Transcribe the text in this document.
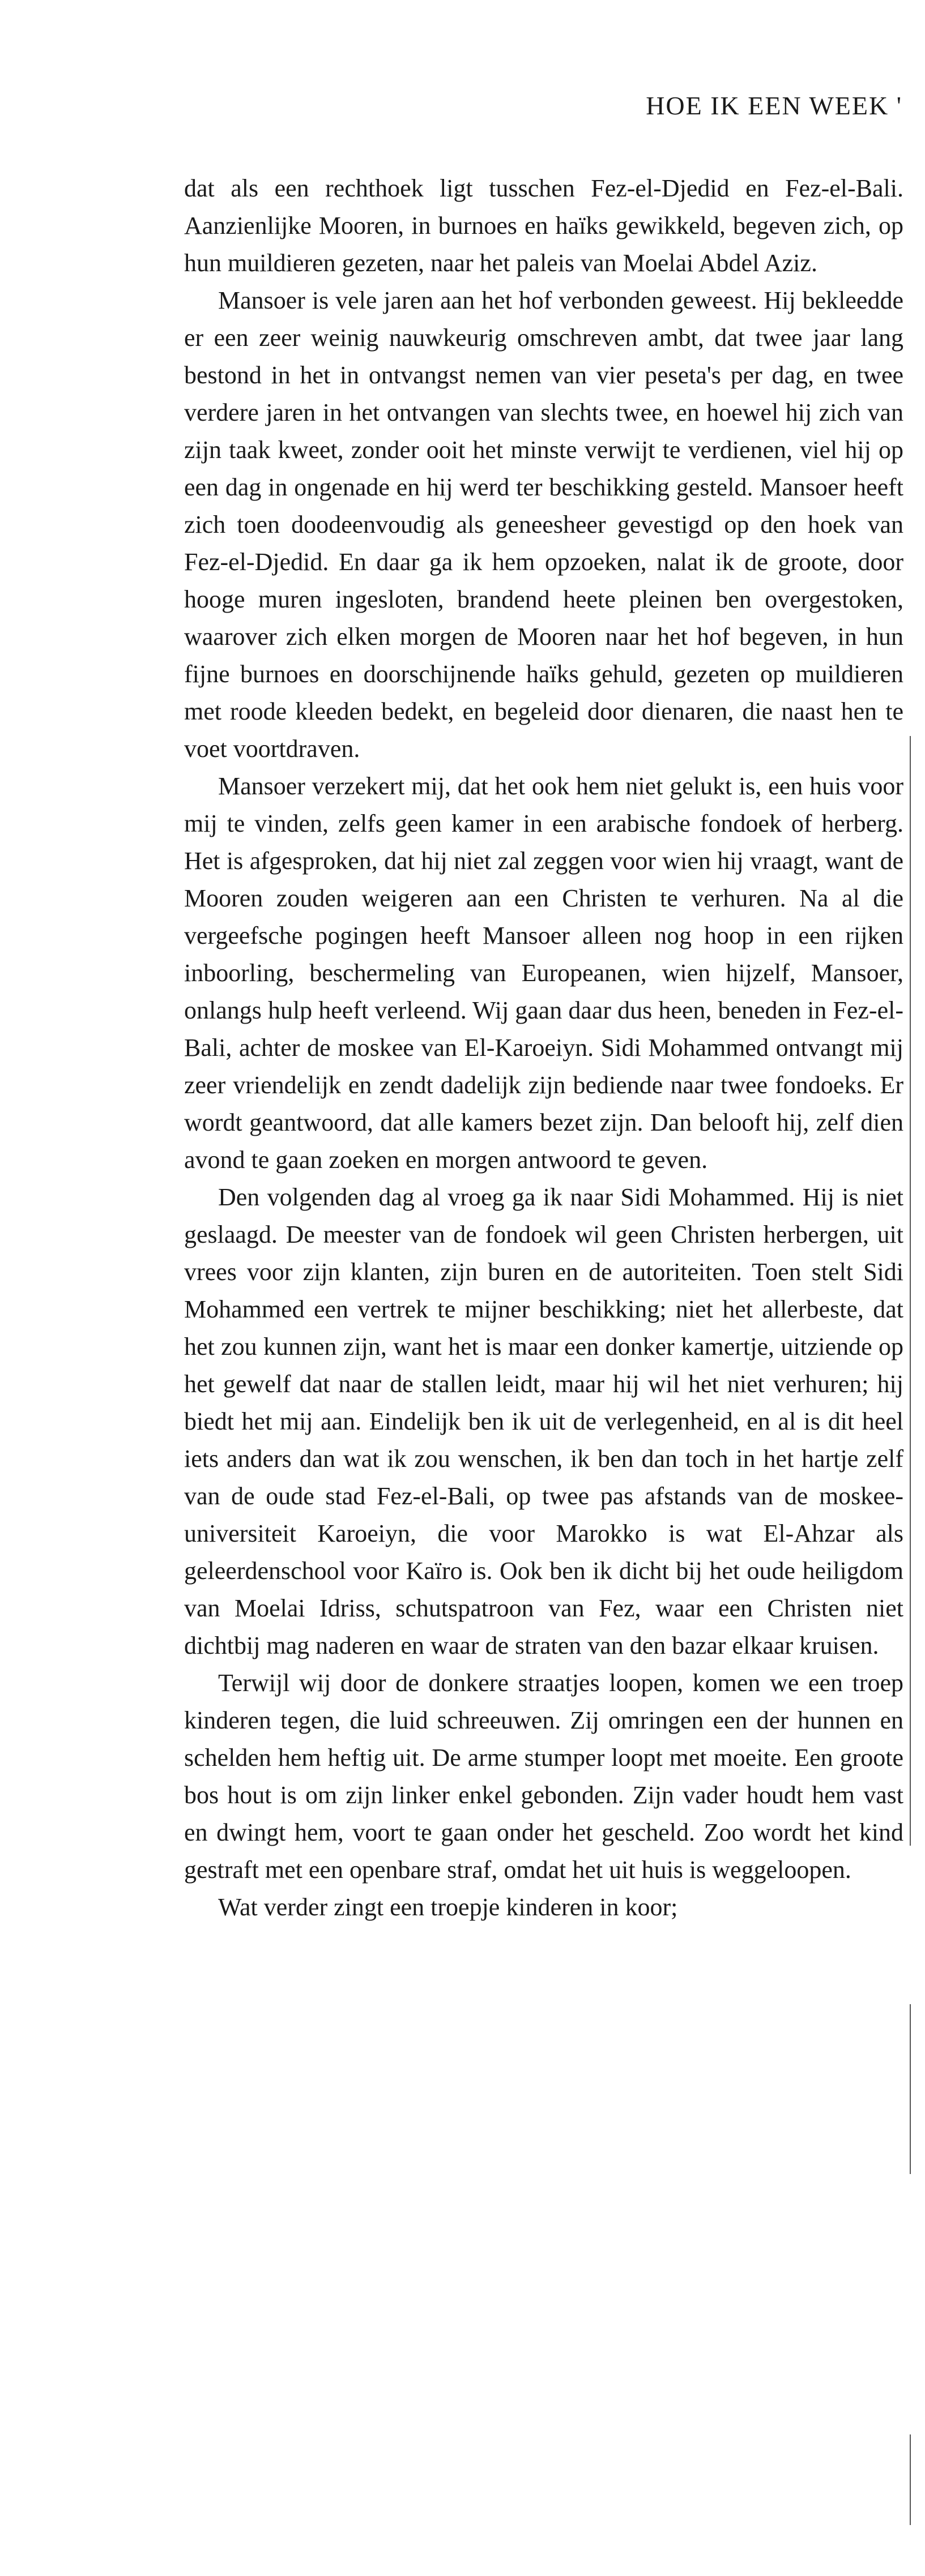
HOE IK EEN WEEK '

dat als een rechthoek ligt tusschen Fez-el-Djedid en Fez-el-Bali. Aanzienlijke Mooren, in burnoes en haïks gewikkeld, begeven zich, op hun muildieren gezeten, naar het paleis van Moelai Abdel Aziz.

Mansoer is vele jaren aan het hof verbonden geweest. Hij bekleedde er een zeer weinig nauwkeurig omschreven ambt, dat twee jaar lang bestond in het in ontvangst nemen van vier peseta's per dag, en twee verdere jaren in het ontvangen van slechts twee, en hoewel hij zich van zijn taak kweet, zonder ooit het minste verwijt te verdienen, viel hij op een dag in ongenade en hij werd ter beschikking gesteld. Mansoer heeft zich toen doodeenvoudig als geneesheer gevestigd op den hoek van Fez-el-Djedid. En daar ga ik hem opzoeken, nalat ik de groote, door hooge muren ingesloten, brandend heete pleinen ben overgestoken, waarover zich elken morgen de Mooren naar het hof begeven, in hun fijne burnoes en doorschijnende haïks gehuld, gezeten op muildieren met roode kleeden bedekt, en begeleid door dienaren, die naast hen te voet voortdraven.

Mansoer verzekert mij, dat het ook hem niet gelukt is, een huis voor mij te vinden, zelfs geen kamer in een arabische fondoek of herberg. Het is afgesproken, dat hij niet zal zeggen voor wien hij vraagt, want de Mooren zouden weigeren aan een Christen te verhuren. Na al die vergeefsche pogingen heeft Mansoer alleen nog hoop in een rijken inboorling, beschermeling van Europeanen, wien hijzelf, Mansoer, onlangs hulp heeft verleend. Wij gaan daar dus heen, beneden in Fez-el-Bali, achter de moskee van El-Karoeiyn. Sidi Mohammed ontvangt mij zeer vriendelijk en zendt dadelijk zijn bediende naar twee fondoeks. Er wordt geantwoord, dat alle kamers bezet zijn. Dan belooft hij, zelf dien avond te gaan zoeken en morgen antwoord te geven.

Den volgenden dag al vroeg ga ik naar Sidi Mohammed. Hij is niet geslaagd. De meester van de fondoek wil geen Christen herbergen, uit vrees voor zijn klanten, zijn buren en de autoriteiten. Toen stelt Sidi Mohammed een vertrek te mijner beschikking; niet het allerbeste, dat het zou kunnen zijn, want het is maar een donker kamertje, uitziende op het gewelf dat naar de stallen leidt, maar hij wil het niet verhuren; hij biedt het mij aan. Eindelijk ben ik uit de verlegenheid, en al is dit heel iets anders dan wat ik zou wenschen, ik ben dan toch in het hartje zelf van de oude stad Fez-el-Bali, op twee pas afstands van de moskee-universiteit Karoeiyn, die voor Marokko is wat El-Ahzar als geleerdenschool voor Kaïro is. Ook ben ik dicht bij het oude heiligdom van Moelai Idriss, schutspatroon van Fez, waar een Christen niet dichtbij mag naderen en waar de straten van den bazar elkaar kruisen.

Terwijl wij door de donkere straatjes loopen, komen we een troep kinderen tegen, die luid schreeuwen. Zij omringen een der hunnen en schelden hem heftig uit. De arme stumper loopt met moeite. Een groote bos hout is om zijn linker enkel gebonden. Zijn vader houdt hem vast en dwingt hem, voort te gaan onder het gescheld. Zoo wordt het kind gestraft met een openbare straf, omdat het uit huis is weggeloopen.

Wat verder zingt een troepje kinderen in koor;
